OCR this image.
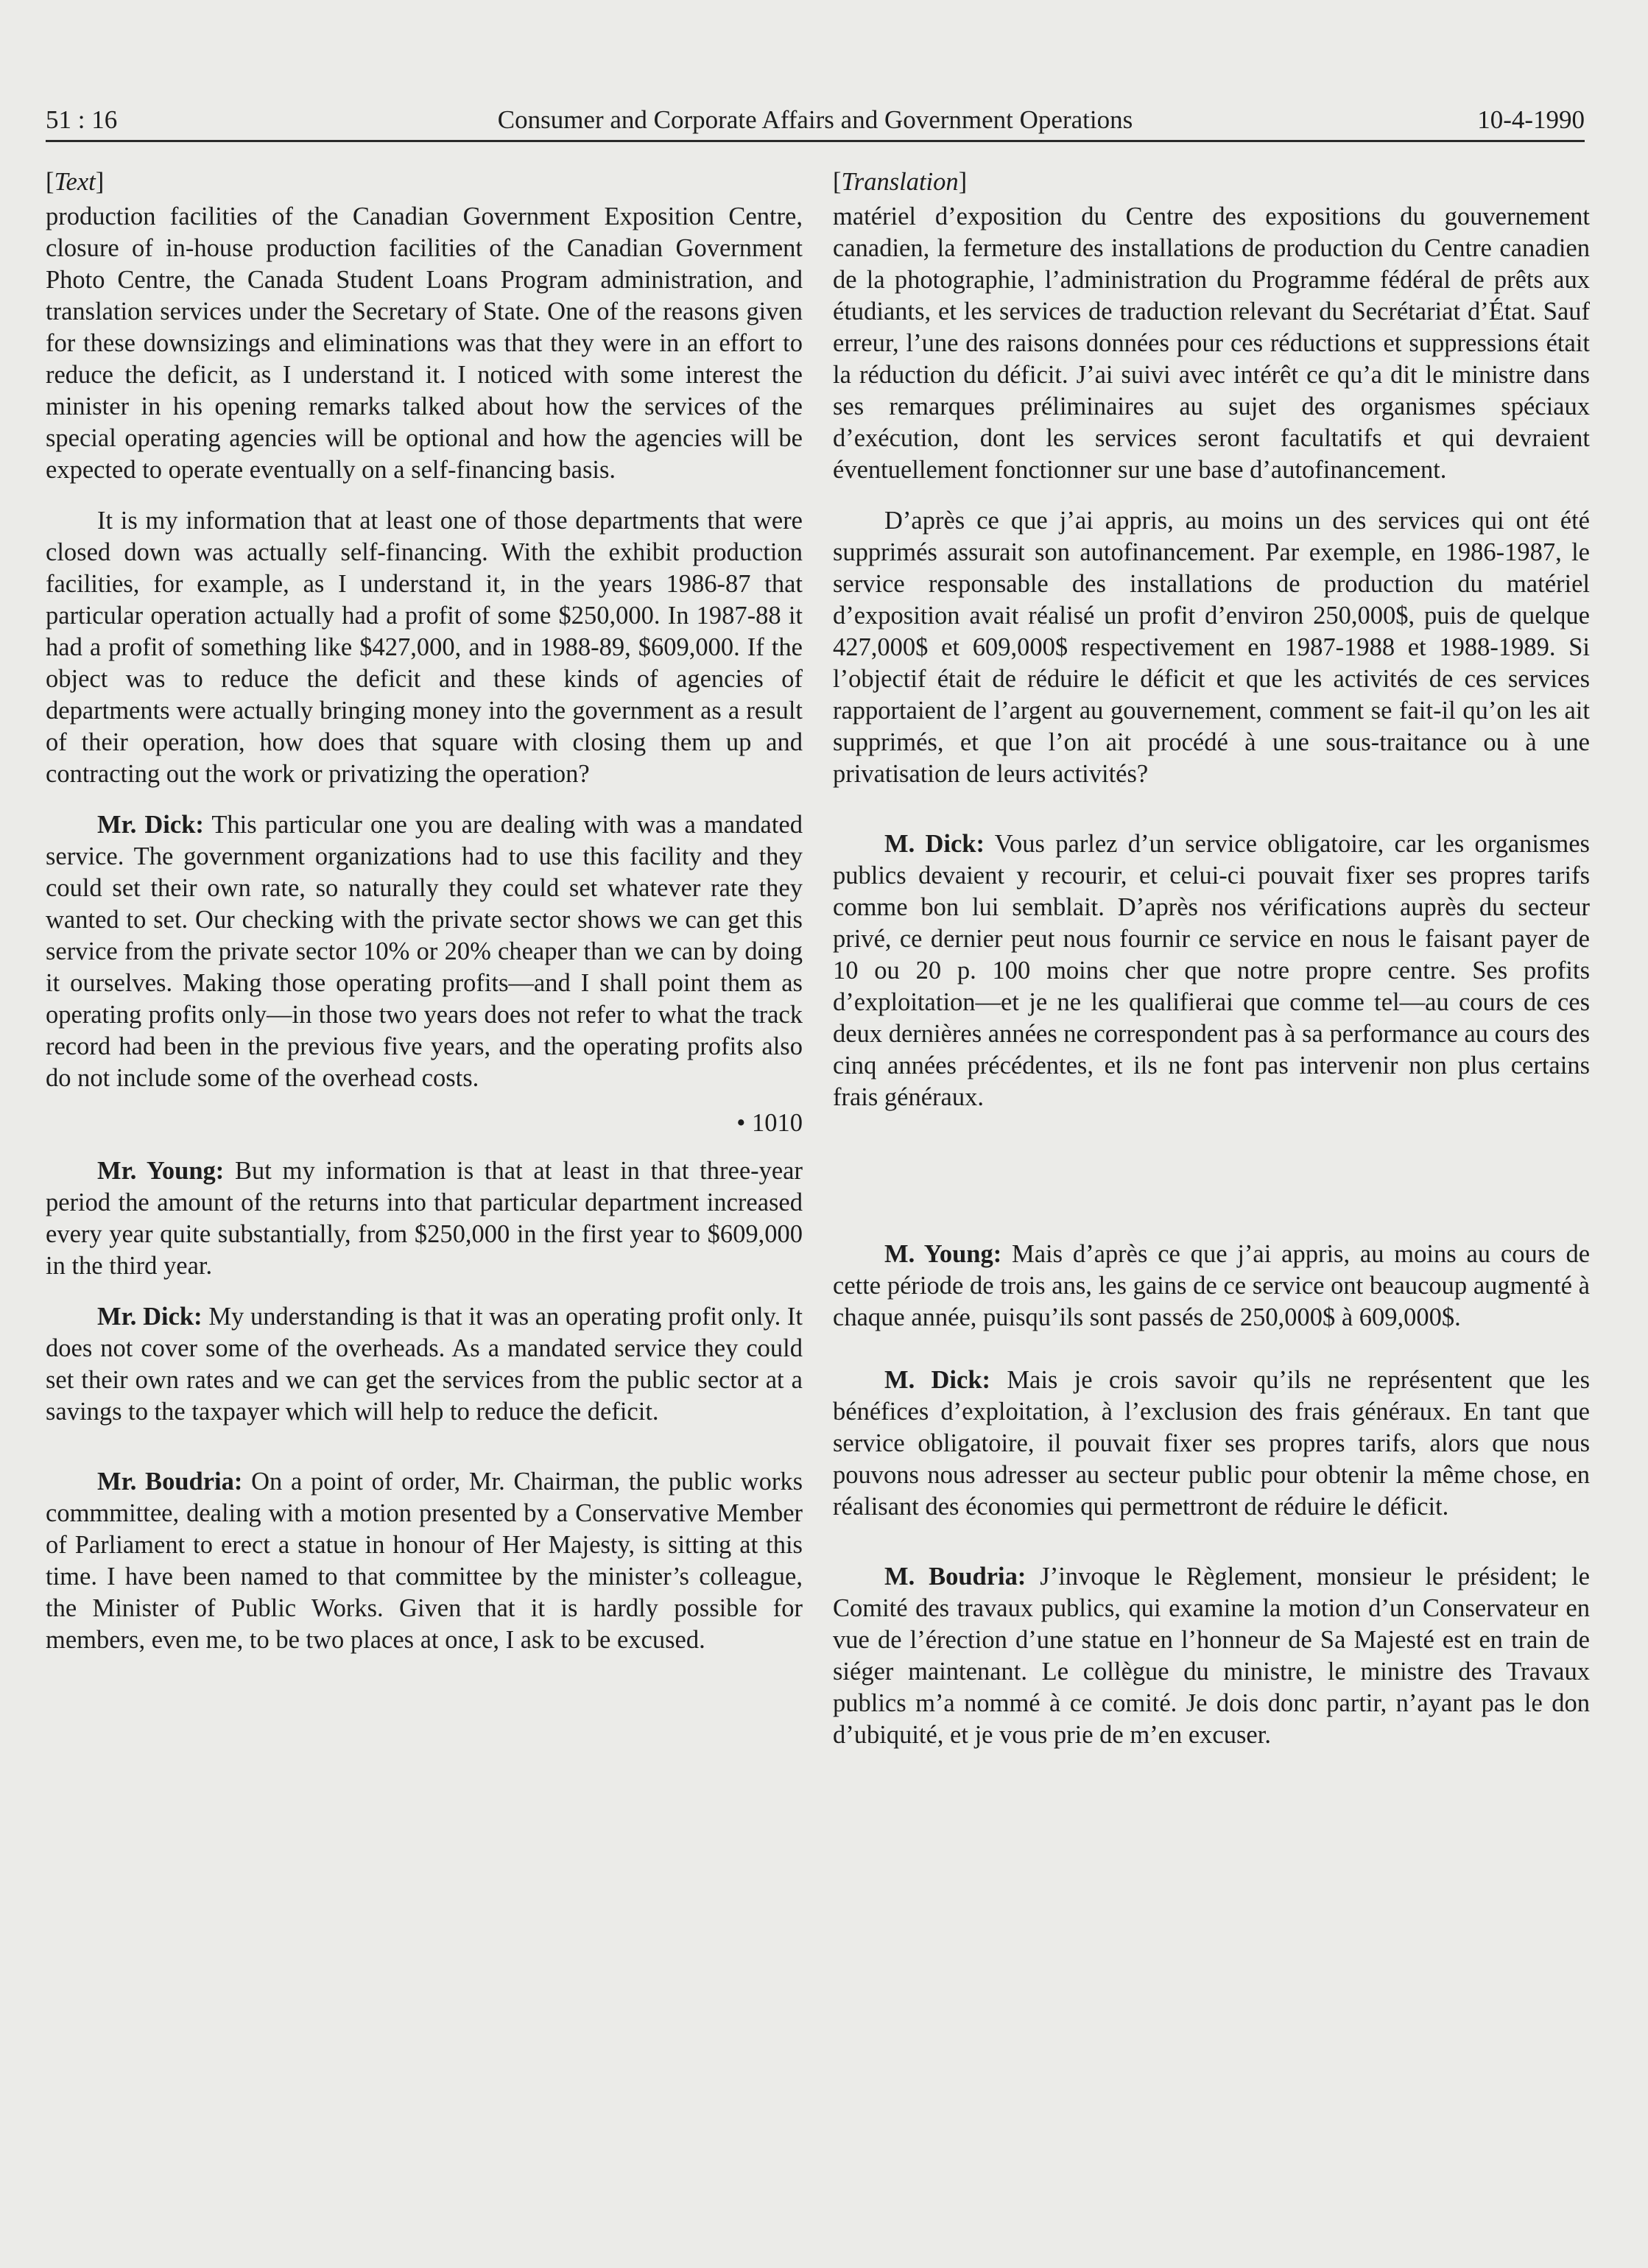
51 : 16	Consumer and Corporate Affairs and Government Operations	10-4-1990
[Text]

production facilities of the Canadian Government Exposition Centre, closure of in-house production facilities of the Canadian Government Photo Centre, the Canada Student Loans Program administration, and translation services under the Secretary of State. One of the reasons given for these downsizings and eliminations was that they were in an effort to reduce the deficit, as I understand it. I noticed with some interest the minister in his opening remarks talked about how the services of the special operating agencies will be optional and how the agencies will be expected to operate eventually on a self-financing basis.

It is my information that at least one of those departments that were closed down was actually self-financing. With the exhibit production facilities, for example, as I understand it, in the years 1986-87 that particular operation actually had a profit of some $250,000. In 1987-88 it had a profit of something like $427,000, and in 1988-89, $609,000. If the object was to reduce the deficit and these kinds of agencies of departments were actually bringing money into the government as a result of their operation, how does that square with closing them up and contracting out the work or privatizing the operation?

Mr. Dick: This particular one you are dealing with was a mandated service. The government organizations had to use this facility and they could set their own rate, so naturally they could set whatever rate they wanted to set. Our checking with the private sector shows we can get this service from the private sector 10% or 20% cheaper than we can by doing it ourselves. Making those operating profits—and I shall point them as operating profits only—in those two years does not refer to what the track record had been in the previous five years, and the operating profits also do not include some of the overhead costs.

• 1010

Mr. Young: But my information is that at least in that three-year period the amount of the returns into that particular department increased every year quite substantially, from $250,000 in the first year to $609,000 in the third year.

Mr. Dick: My understanding is that it was an operating profit only. It does not cover some of the overheads. As a mandated service they could set their own rates and we can get the services from the public sector at a savings to the taxpayer which will help to reduce the deficit.

Mr. Boudria: On a point of order, Mr. Chairman, the public works commmittee, dealing with a motion presented by a Conservative Member of Parliament to erect a statue in honour of Her Majesty, is sitting at this time. I have been named to that committee by the minister’s colleague, the Minister of Public Works. Given that it is hardly possible for members, even me, to be two places at once, I ask to be excused.

[Translation]

matériel d’exposition du Centre des expositions du gouvernement canadien, la fermeture des installations de production du Centre canadien de la photographie, l’administration du Programme fédéral de prêts aux étudiants, et les services de traduction relevant du Secrétariat d’État. Sauf erreur, l’une des raisons données pour ces réductions et suppressions était la réduction du déficit. J’ai suivi avec intérêt ce qu’a dit le ministre dans ses remarques préliminaires au sujet des organismes spéciaux d’exécution, dont les services seront facultatifs et qui devraient éventuellement fonctionner sur une base d’autofinancement.

D’après ce que j’ai appris, au moins un des services qui ont été supprimés assurait son autofinancement. Par exemple, en 1986-1987, le service responsable des installations de production du matériel d’exposition avait réalisé un profit d’environ 250,000$, puis de quelque 427,000$ et 609,000$ respectivement en 1987-1988 et 1988-1989. Si l’objectif était de réduire le déficit et que les activités de ces services rapportaient de l’argent au gouvernement, comment se fait-il qu’on les ait supprimés, et que l’on ait procédé à une sous-traitance ou à une privatisation de leurs activités?

M. Dick: Vous parlez d’un service obligatoire, car les organismes publics devaient y recourir, et celui-ci pouvait fixer ses propres tarifs comme bon lui semblait. D’après nos vérifications auprès du secteur privé, ce dernier peut nous fournir ce service en nous le faisant payer de 10 ou 20 p. 100 moins cher que notre propre centre. Ses profits d’exploitation—et je ne les qualifierai que comme tel—au cours de ces deux dernières années ne correspondent pas à sa performance au cours des cinq années précédentes, et ils ne font pas intervenir non plus certains frais généraux.

M. Young: Mais d’après ce que j’ai appris, au moins au cours de cette période de trois ans, les gains de ce service ont beaucoup augmenté à chaque année, puisqu’ils sont passés de 250,000$ à 609,000$.

M. Dick: Mais je crois savoir qu’ils ne représentent que les bénéfices d’exploitation, à l’exclusion des frais généraux. En tant que service obligatoire, il pouvait fixer ses propres tarifs, alors que nous pouvons nous adresser au secteur public pour obtenir la même chose, en réalisant des économies qui permettront de réduire le déficit.

M. Boudria: J’invoque le Règlement, monsieur le président; le Comité des travaux publics, qui examine la motion d’un Conservateur en vue de l’érection d’une statue en l’honneur de Sa Majesté est en train de siéger maintenant. Le collègue du ministre, le ministre des Travaux publics m’a nommé à ce comité. Je dois donc partir, n’ayant pas le don d’ubiquité, et je vous prie de m’en excuser.
